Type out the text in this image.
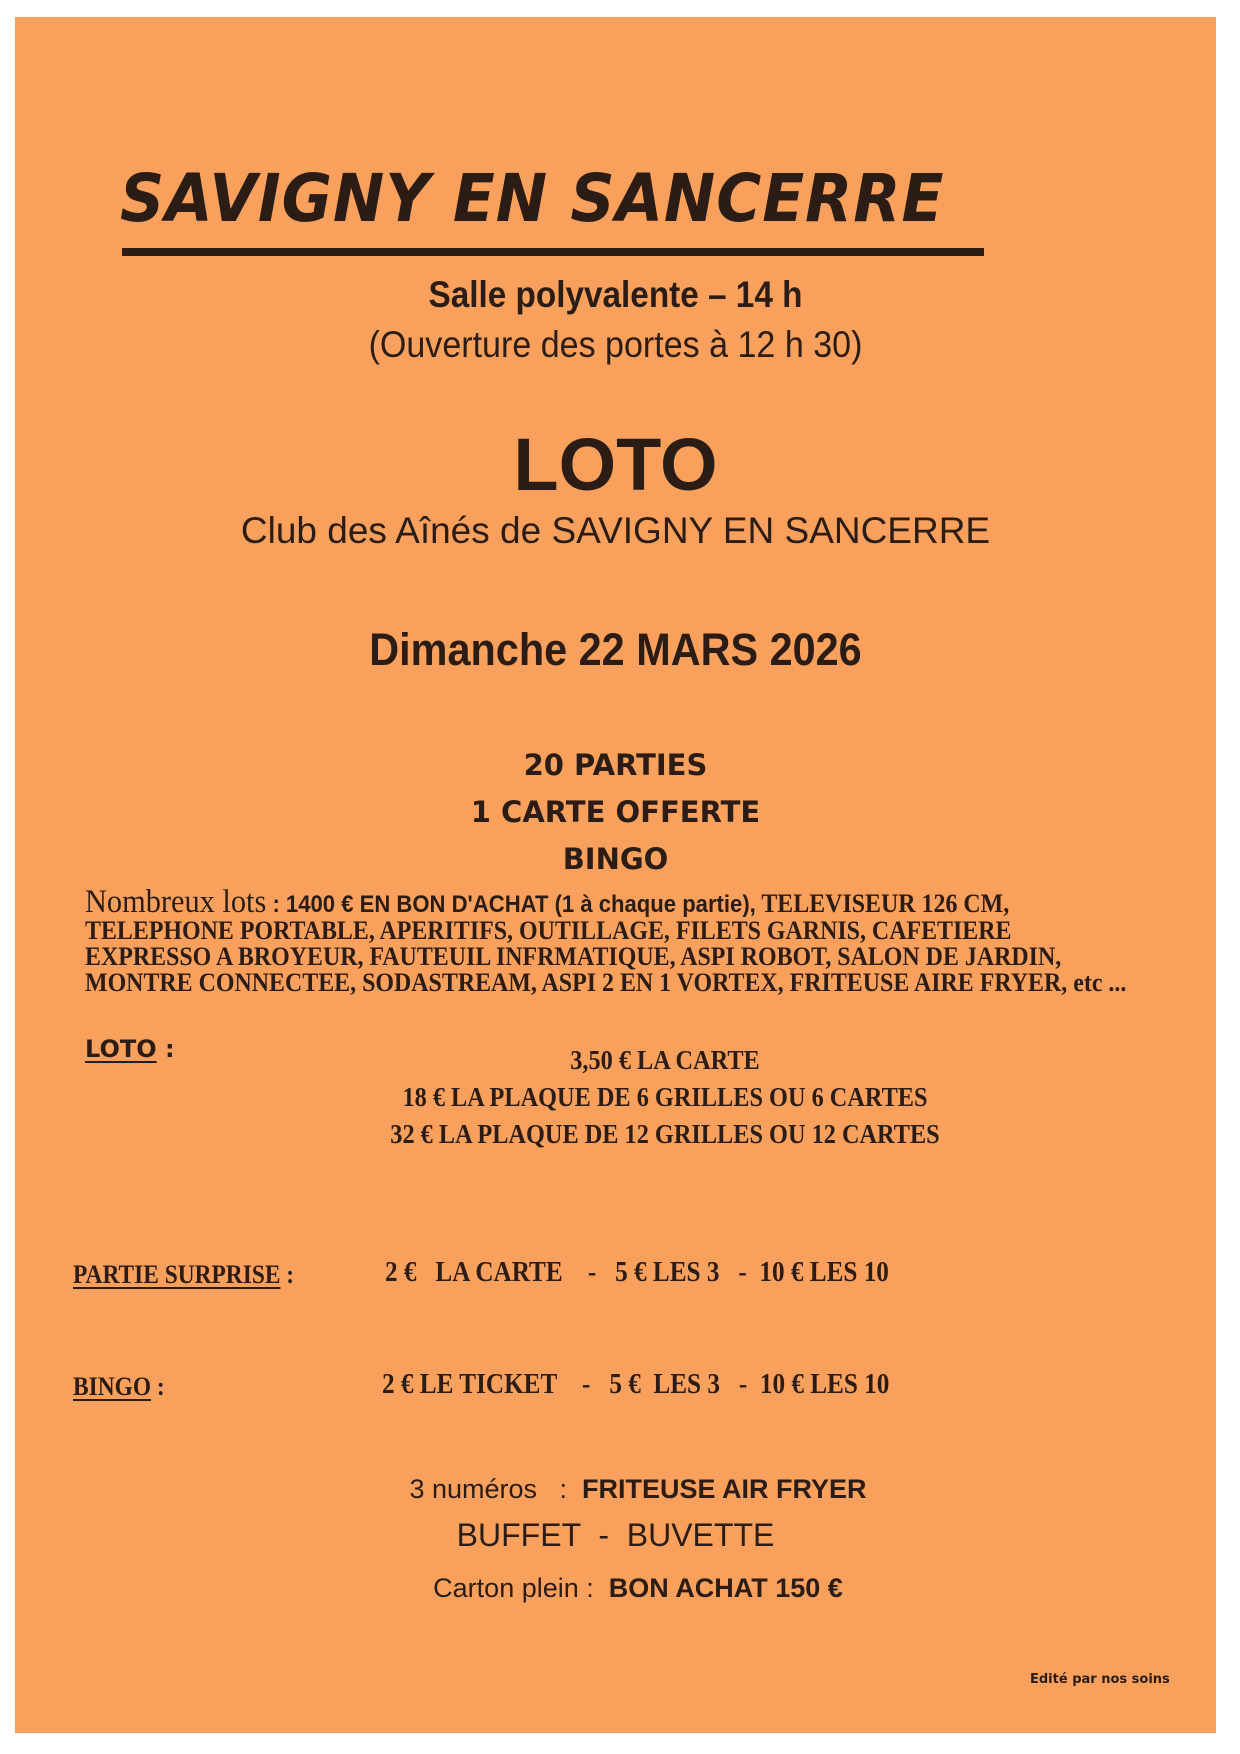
SAVIGNY EN SANCERRE
Salle polyvalente – 14 h
(Ouverture des portes à 12 h 30)
LOTO
Club des Aînés de SAVIGNY EN SANCERRE
Dimanche 22 MARS 2026
20 PARTIES
1 CARTE OFFERTE
BINGO
Nombreux lots : 1400 € EN BON D'ACHAT (1 à chaque partie), TELEVISEUR 126 CM,
TELEPHONE PORTABLE, APERITIFS, OUTILLAGE, FILETS GARNIS, CAFETIERE
EXPRESSO A BROYEUR, FAUTEUIL INFRMATIQUE, ASPI ROBOT, SALON DE JARDIN,
MONTRE CONNECTEE, SODASTREAM, ASPI 2 EN 1 VORTEX, FRITEUSE AIRE FRYER, etc ...
LOTO :	3,50 € LA CARTE
18 € LA PLAQUE DE 6 GRILLES OU 6 CARTES
32 € LA PLAQUE DE 12 GRILLES OU 12 CARTES
PARTIE SURPRISE :	2 €   LA CARTE    -   5 € LES 3   -  10 € LES 10
BINGO :	2 € LE TICKET    -   5 €  LES 3   -  10 € LES 10

3 numéros   :  FRITEUSE AIR FRYER

Carton plein :  BON ACHAT 150 €

BUFFET  -  BUVETTE
Edité par nos soins
